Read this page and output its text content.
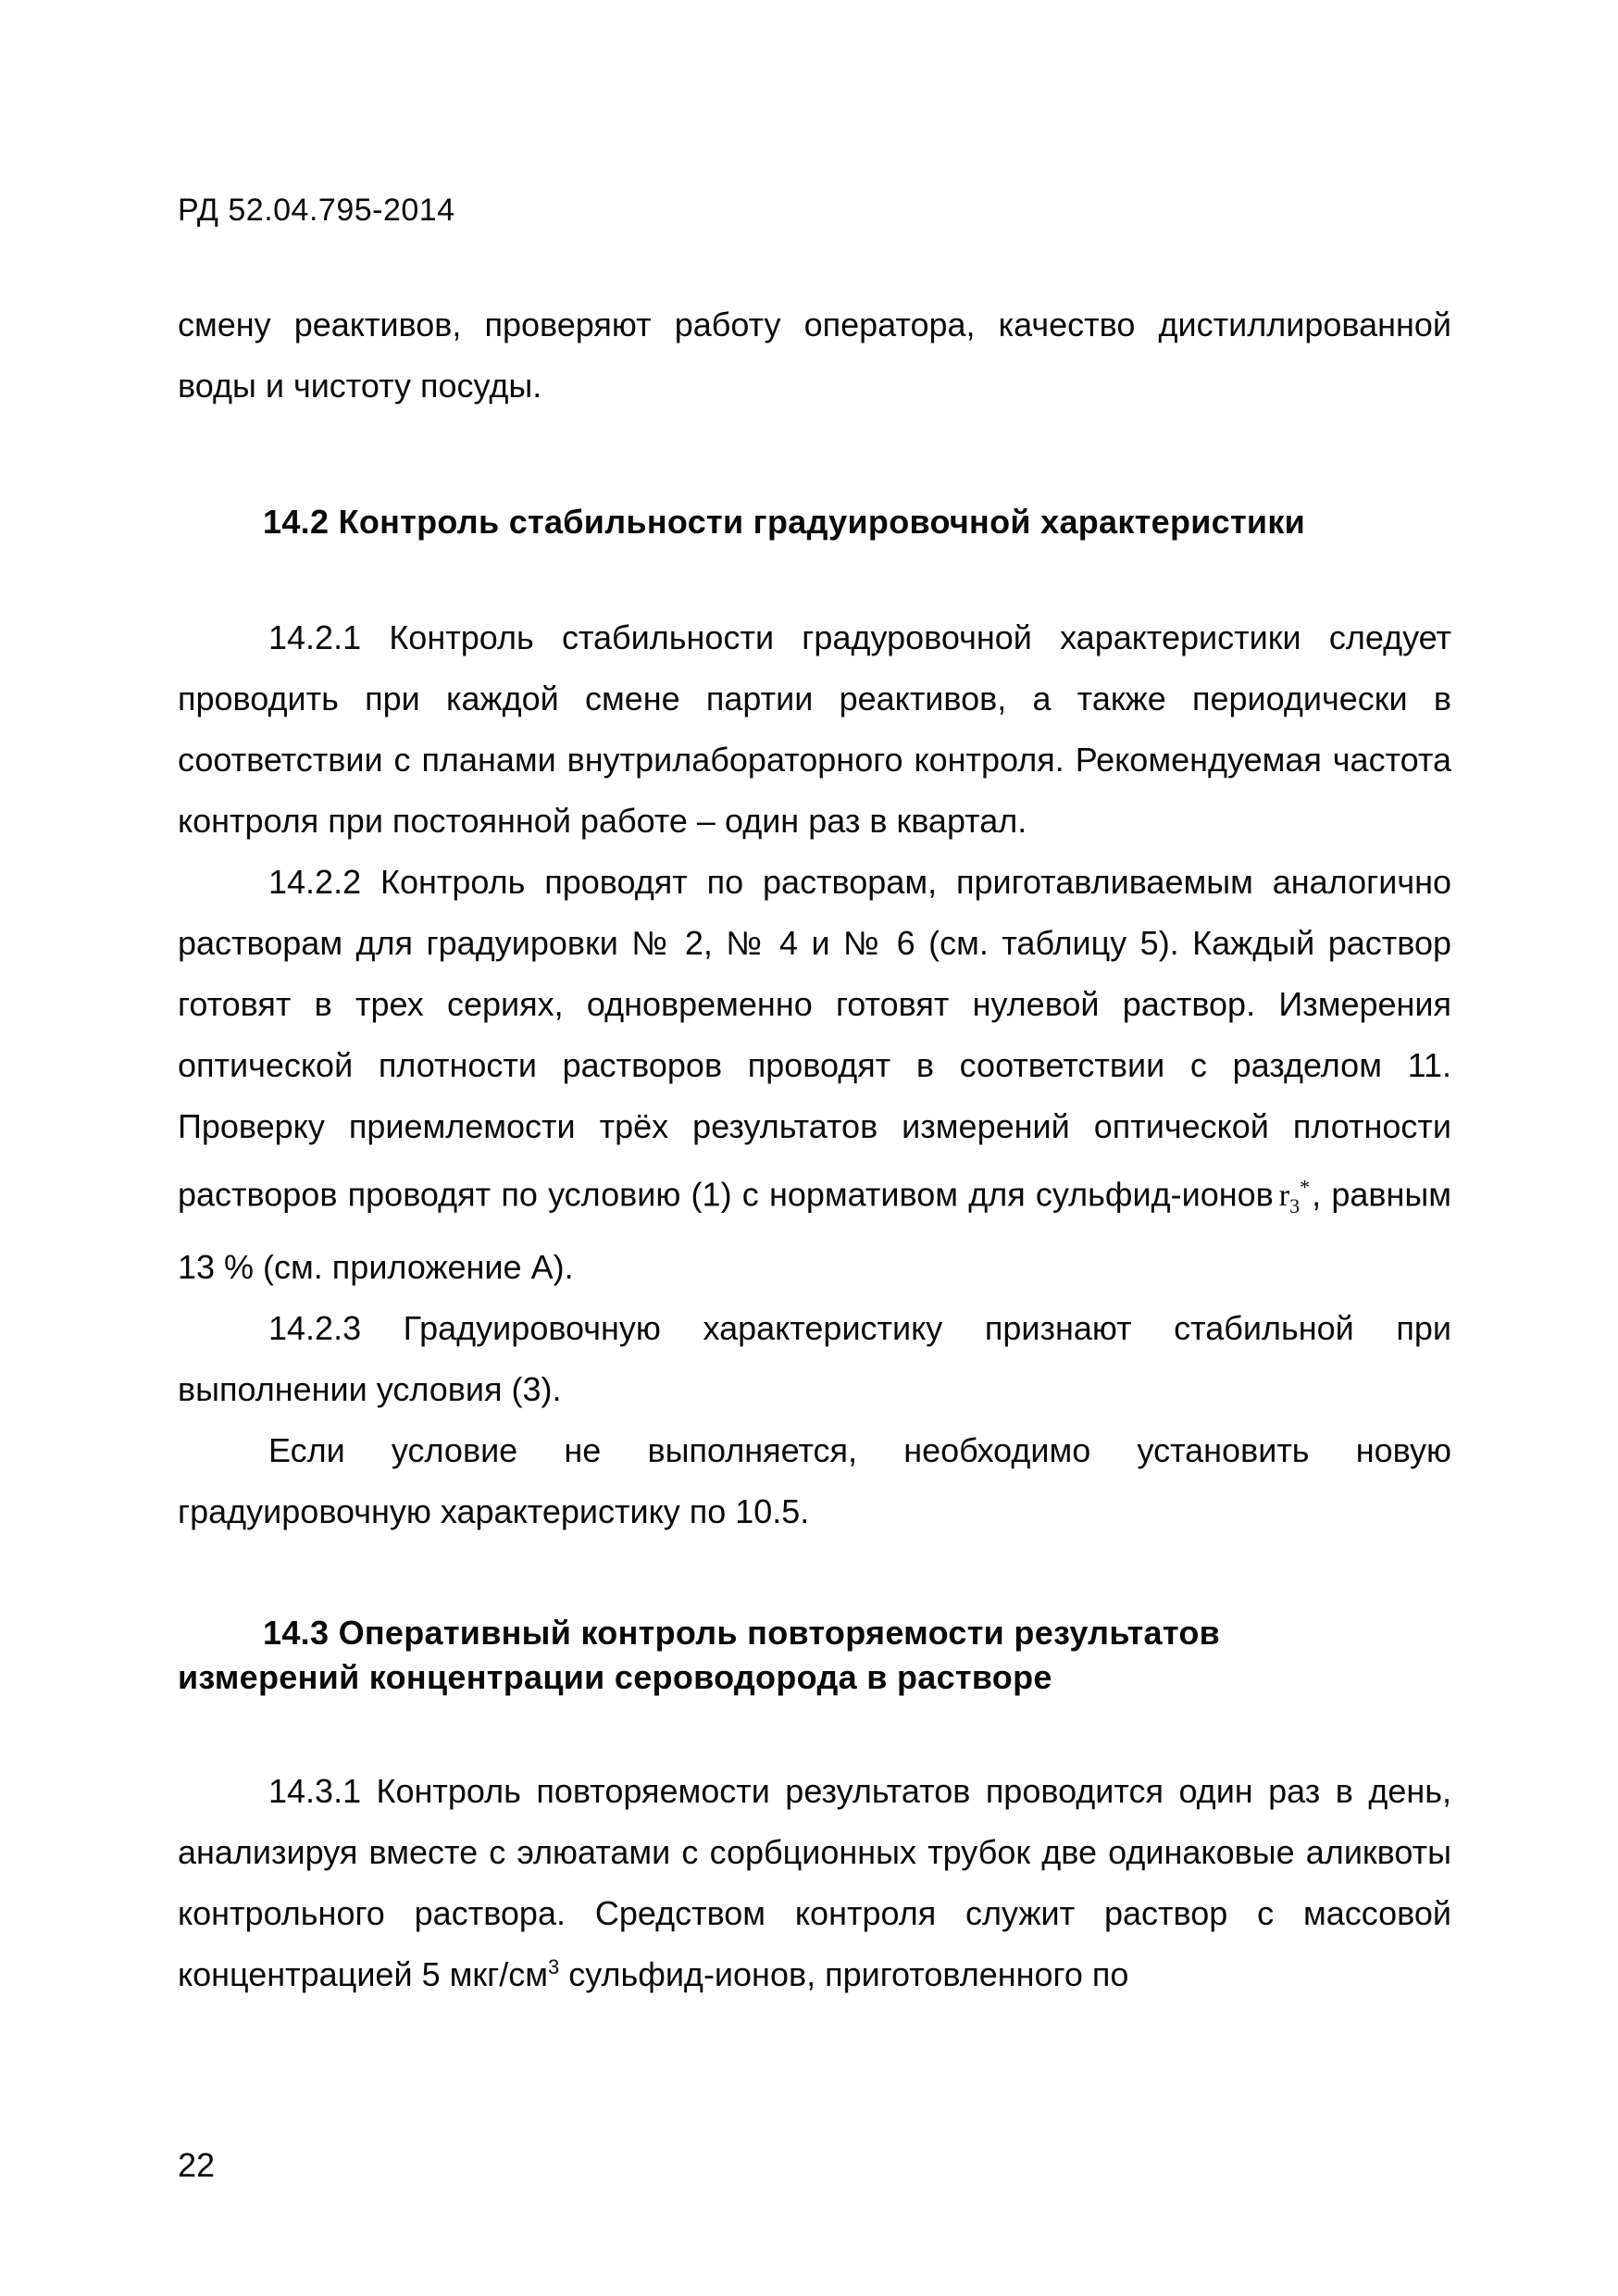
РД 52.04.795-2014

смену реактивов, проверяют работу оператора, качество дистиллированной воды и чистоту посуды.

14.2 Контроль стабильности градуировочной характеристики

14.2.1 Контроль стабильности градуровочной характеристики следует проводить при каждой смене партии реактивов, а также периодически в соответствии с планами внутрилабораторного контроля. Рекомендуемая частота контроля при постоянной работе – один раз в квартал.

14.2.2 Контроль проводят по растворам, приготавливаемым аналогично растворам для градуировки № 2, № 4 и № 6 (см. таблицу 5). Каждый раствор готовят в трех сериях, одновременно готовят нулевой раствор. Измерения оптической плотности растворов проводят в соответствии с разделом 11. Проверку приемлемости трёх результатов измерений оптической плотности растворов проводят по условию (1) с нормативом для сульфид-ионов $r_3^*$, равным 13 % (см. приложение А).

14.2.3 Градуировочную характеристику признают стабильной при выполнении условия (3).

Если условие не выполняется, необходимо установить новую градуировочную характеристику по 10.5.

14.3 Оперативный контроль повторяемости результатов
измерений концентрации сероводорода в растворе

14.3.1 Контроль повторяемости результатов проводится один раз в день, анализируя вместе с элюатами с сорбционных трубок две одинаковые аликвоты контрольного раствора. Средством контроля служит раствор с массовой концентрацией 5 мкг/$см^3$ сульфид-ионов, приготовленного по

22
